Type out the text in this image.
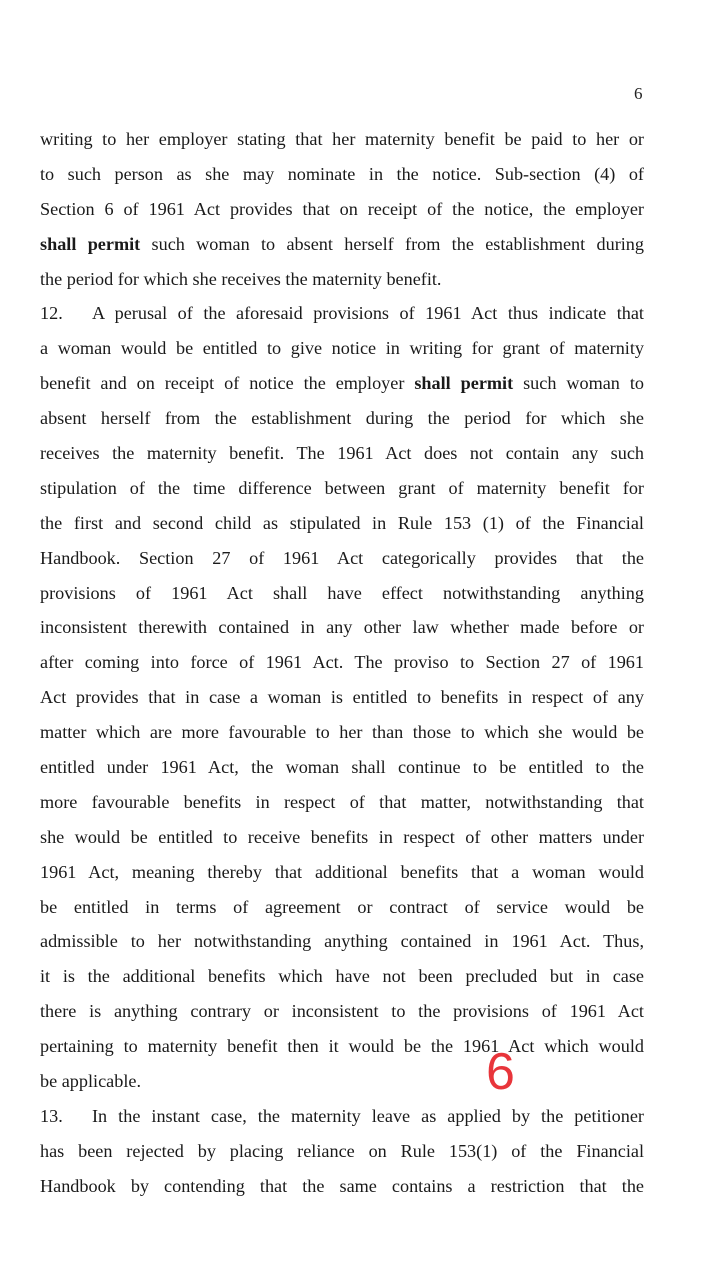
6
writing to her employer stating that her maternity benefit be paid to her or
to such person as she may nominate in the notice. Sub-section (4) of
Section 6 of 1961 Act provides that on receipt of the notice, the employer
shall permit such woman to absent herself from the establishment during
the period for which she receives the maternity benefit.
12. A perusal of the aforesaid provisions of 1961 Act thus indicate that
a woman would be entitled to give notice in writing for grant of maternity
benefit and on receipt of notice the employer shall permit such woman to
absent herself from the establishment during the period for which she
receives the maternity benefit. The 1961 Act does not contain any such
stipulation of the time difference between grant of maternity benefit for
the first and second child as stipulated in Rule 153 (1) of the Financial
Handbook. Section 27 of 1961 Act categorically provides that the
provisions of 1961 Act shall have effect notwithstanding anything
inconsistent therewith contained in any other law whether made before or
after coming into force of 1961 Act. The proviso to Section 27 of 1961
Act provides that in case a woman is entitled to benefits in respect of any
matter which are more favourable to her than those to which she would be
entitled under 1961 Act, the woman shall continue to be entitled to the
more favourable benefits in respect of that matter, notwithstanding that
she would be entitled to receive benefits in respect of other matters under
1961 Act, meaning thereby that additional benefits that a woman would
be entitled in terms of agreement or contract of service would be
admissible to her notwithstanding anything contained in 1961 Act. Thus,
it is the additional benefits which have not been precluded but in case
there is anything contrary or inconsistent to the provisions of 1961 Act
pertaining to maternity benefit then it would be the 1961 Act which would
be applicable.
13. In the instant case, the maternity leave as applied by the petitioner
has been rejected by placing reliance on Rule 153(1) of the Financial
Handbook by contending that the same contains a restriction that the
6
